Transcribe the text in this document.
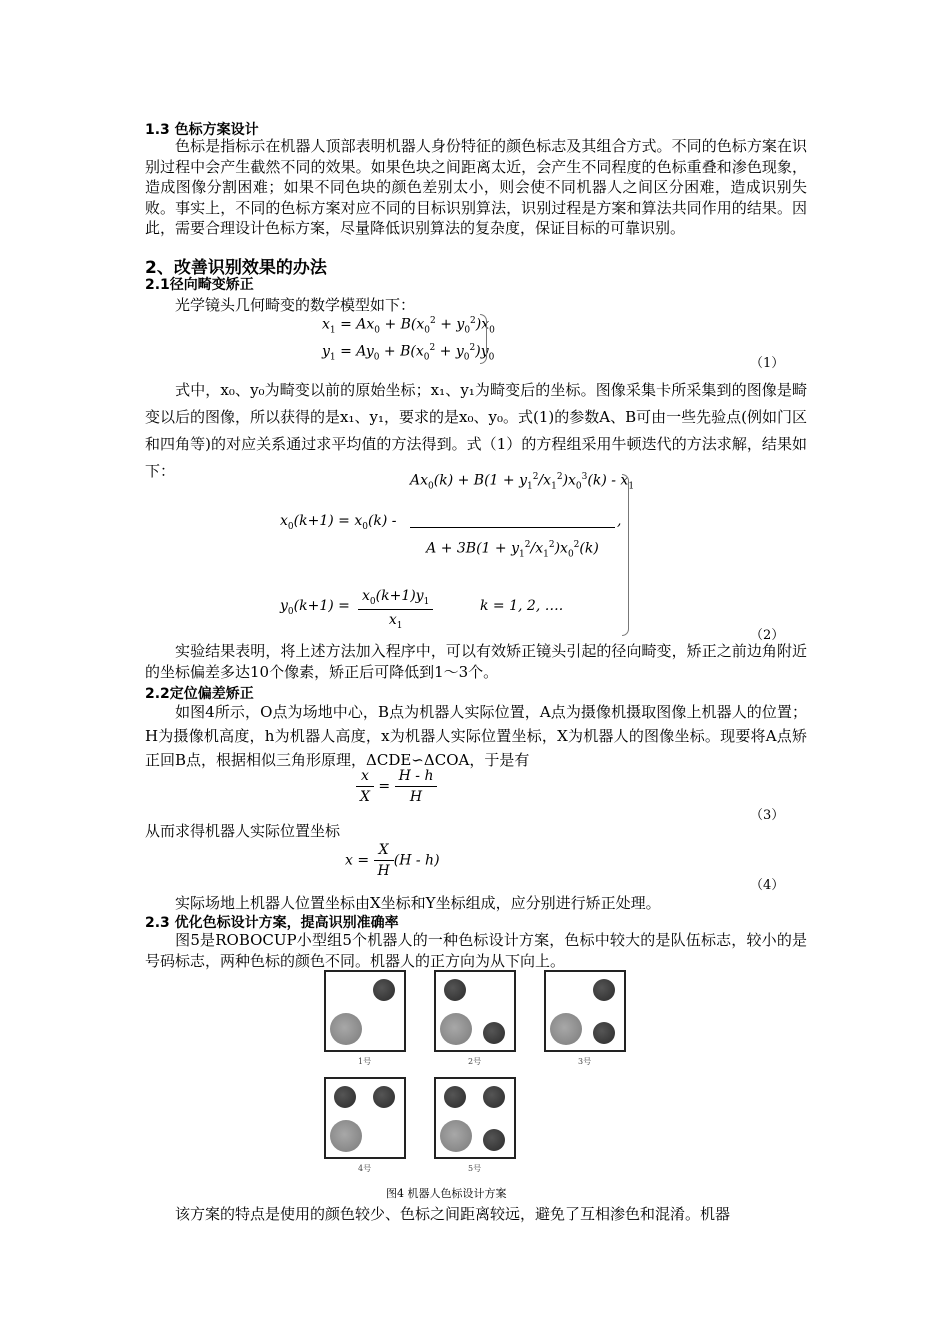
1.3 色标方案设计
色标是指标示在机器人顶部表明机器人身份特征的颜色标志及其组合方式。不同的色标方案在识别过程中会产生截然不同的效果。如果色块之间距离太近，会产生不同程度的色标重叠和渗色现象，造成图像分割困难；如果不同色块的颜色差别太小，则会使不同机器人之间区分困难，造成识别失败。事实上，不同的色标方案对应不同的目标识别算法，识别过程是方案和算法共同作用的结果。因此，需要合理设计色标方案，尽量降低识别算法的复杂度，保证目标的可靠识别。
2、改善识别效果的办法
2.1径向畸变矫正
光学镜头几何畸变的数学模型如下：
$x_1 = Ax_0 + B(x_0^2 + y_0^2)x_0$
$y_1 = Ay_0 + B(x_0^2 + y_0^2)y_0$	（1）
式中，x₀、y₀为畸变以前的原始坐标；x₁、y₁为畸变后的坐标。图像采集卡所采集到的图像是畸变以后的图像，所以获得的是x₁、y₁，要求的是x₀、y₀。式(1)的参数A、B可由一些先验点(例如门区和四角等)的对应关系通过求平均值的方法得到。式（1）的方程组采用牛顿迭代的方法求解，结果如下：
$x_0(k+1) = x_0(k)$ -
$Ax_0(k) + B(1 + y_1^2/x_1^2)x_0^3(k) - x_1$
$A + 3B(1 + y_1^2/x_1^2)x_0^2(k)$
,
$y_0(k+1) = \frac{x_0(k+1)y_1}{x_1}$	k = 1, 2, ….
（2）
实验结果表明，将上述方法加入程序中，可以有效矫正镜头引起的径向畸变，矫正之前边角附近的坐标偏差多达10个像素，矫正后可降低到1～3个。
2.2定位偏差矫正
如图4所示，O点为场地中心，B点为机器人实际位置，A点为摄像机摄取图像上机器人的位置；H为摄像机高度，h为机器人高度，x为机器人实际位置坐标，X为机器人的图像坐标。现要将A点矫正回B点，根据相似三角形原理，ΔCDE∽ΔCOA，于是有
$\frac{x}{X} = \frac{H - h}{H}$
（3）
从而求得机器人实际位置坐标
$x = \frac{X}{H} (H - h)$
（4）
实际场地上机器人位置坐标由X坐标和Y坐标组成，应分别进行矫正处理。
2.3 优化色标设计方案，提高识别准确率
图5是ROBOCUP小型组5个机器人的一种色标设计方案，色标中较大的是队伍标志，较小的是号码标志，两种色标的颜色不同。机器人的正方向为从下向上。
1号	2号	3号
4号	5号
图4 机器人色标设计方案
该方案的特点是使用的颜色较少、色标之间距离较远，避免了互相渗色和混淆。机器
